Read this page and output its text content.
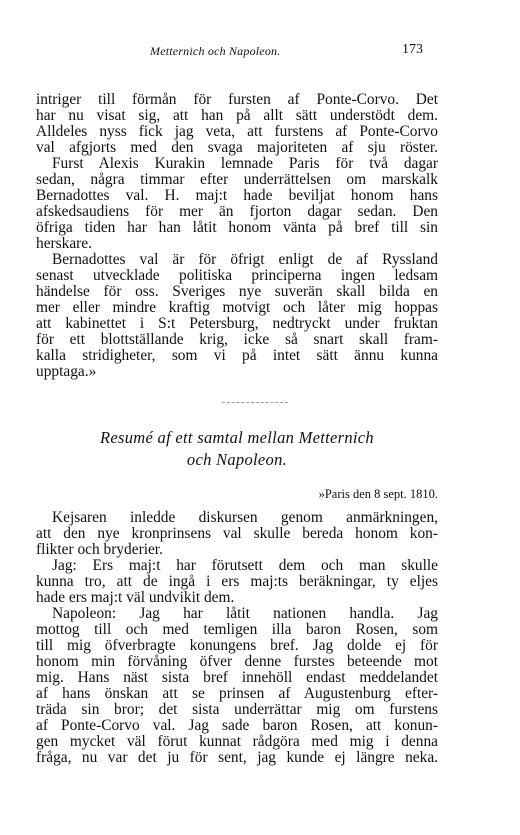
Metternich och Napoleon.	173
intriger till förmån för fursten af Ponte-Corvo. Det
har nu visat sig, att han på allt sätt understödt dem.
Alldeles nyss fick jag veta, att furstens af Ponte-Corvo
val afgjorts med den svaga majoriteten af sju röster.
Furst Alexis Kurakin lemnade Paris för två dagar
sedan, några timmar efter underrättelsen om marskalk
Bernadottes val. H. maj:t hade beviljat honom hans
afskedsaudiens för mer än fjorton dagar sedan. Den
öfriga tiden har han låtit honom vänta på bref till sin
herskare.
Bernadottes val är för öfrigt enligt de af Ryssland
senast utvecklade politiska principerna ingen ledsam
händelse för oss. Sveriges nye suverän skall bilda en
mer eller mindre kraftig motvigt och låter mig hoppas
att kabinettet i S:t Petersburg, nedtryckt under fruktan
för ett blottställande krig, icke så snart skall fram-
kalla stridigheter, som vi på intet sätt ännu kunna
upptaga.»
Resumé af ett samtal mellan Metternich
och Napoleon.
»Paris den 8 sept. 1810.
Kejsaren inledde diskursen genom anmärkningen,
att den nye kronprinsens val skulle bereda honom kon-
flikter och bryderier.
Jag: Ers maj:t har förutsett dem och man skulle
kunna tro, att de ingå i ers maj:ts beräkningar, ty eljes
hade ers maj:t väl undvikit dem.
Napoleon: Jag har låtit nationen handla. Jag
mottog till och med temligen illa baron Rosen, som
till mig öfverbragte konungens bref. Jag dolde ej för
honom min förvåning öfver denne furstes beteende mot
mig. Hans näst sista bref innehöll endast meddelandet
af hans önskan att se prinsen af Augustenburg efter-
träda sin bror; det sista underrättar mig om furstens
af Ponte-Corvo val. Jag sade baron Rosen, att konun-
gen mycket väl förut kunnat rådgöra med mig i denna
fråga, nu var det ju för sent, jag kunde ej längre neka.
